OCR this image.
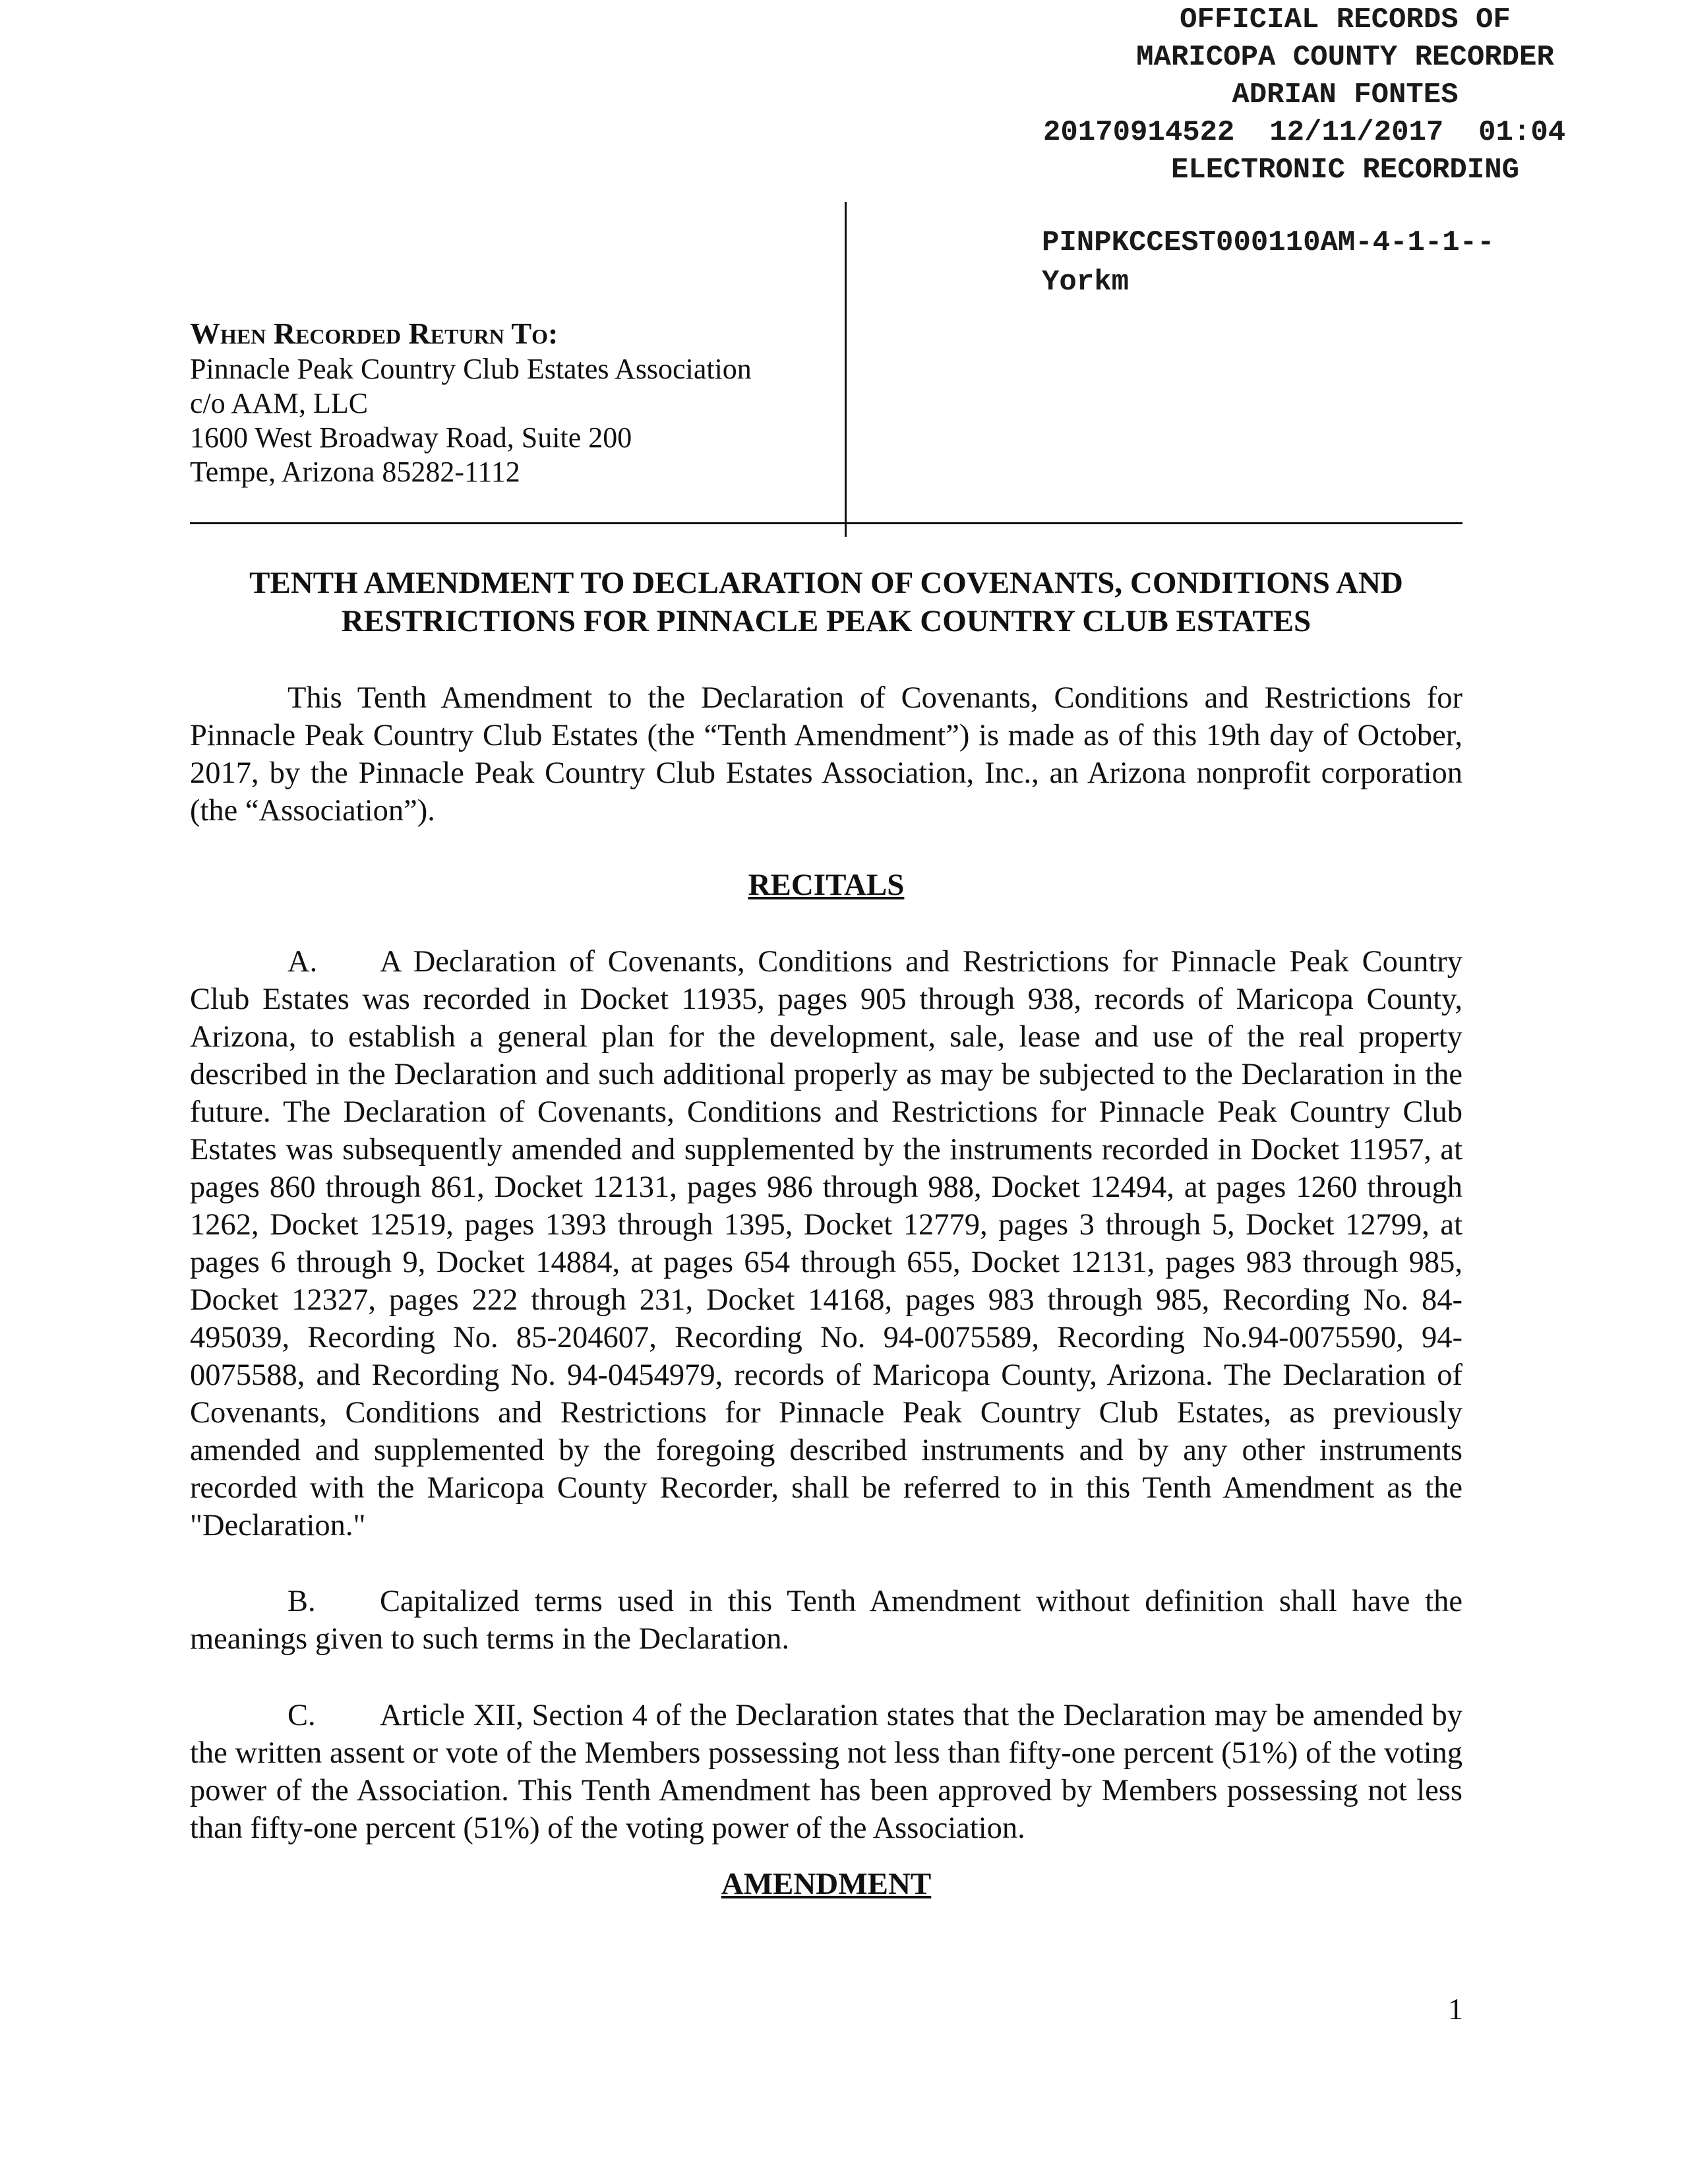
OFFICIAL RECORDS OF
MARICOPA COUNTY RECORDER
ADRIAN FONTES
20170914522  12/11/2017  01:04
ELECTRONIC RECORDING
PINPKCCEST000110AM-4-1-1--
Yorkm
When Recorded Return To:
Pinnacle Peak Country Club Estates Association
c/o AAM, LLC
1600 West Broadway Road, Suite 200
Tempe, Arizona 85282-1112
TENTH AMENDMENT TO DECLARATION OF COVENANTS, CONDITIONS AND
RESTRICTIONS FOR PINNACLE PEAK COUNTRY CLUB ESTATES
This Tenth Amendment to the Declaration of Covenants, Conditions and Restrictions for Pinnacle Peak Country Club Estates (the “Tenth Amendment”) is made as of this 19th day of October, 2017, by the Pinnacle Peak Country Club Estates Association, Inc., an Arizona nonprofit corporation (the “Association”).
RECITALS
A. A Declaration of Covenants, Conditions and Restrictions for Pinnacle Peak Country Club Estates was recorded in Docket 11935, pages 905 through 938, records of Maricopa County, Arizona, to establish a general plan for the development, sale, lease and use of the real property described in the Declaration and such additional properly as may be subjected to the Declaration in the future. The Declaration of Covenants, Conditions and Restrictions for Pinnacle Peak Country Club Estates was subsequently amended and supplemented by the instruments recorded in Docket 11957, at pages 860 through 861, Docket 12131, pages 986 through 988, Docket 12494, at pages 1260 through 1262, Docket 12519, pages 1393 through 1395, Docket 12779, pages 3 through 5, Docket 12799, at pages 6 through 9, Docket 14884, at pages 654 through 655, Docket 12131, pages 983 through 985, Docket 12327, pages 222 through 231, Docket 14168, pages 983 through 985, Recording No. 84-495039, Recording No. 85-204607, Recording No. 94-0075589, Recording No.94-0075590, 94-0075588, and Recording No. 94-0454979, records of Maricopa County, Arizona. The Declaration of Covenants, Conditions and Restrictions for Pinnacle Peak Country Club Estates, as previously amended and supplemented by the foregoing described instruments and by any other instruments recorded with the Maricopa County Recorder, shall be referred to in this Tenth Amendment as the "Declaration."
B. Capitalized terms used in this Tenth Amendment without definition shall have the meanings given to such terms in the Declaration.
C. Article XII, Section 4 of the Declaration states that the Declaration may be amended by the written assent or vote of the Members possessing not less than fifty-one percent (51%) of the voting power of the Association. This Tenth Amendment has been approved by Members possessing not less than fifty-one percent (51%) of the voting power of the Association.
AMENDMENT
1
